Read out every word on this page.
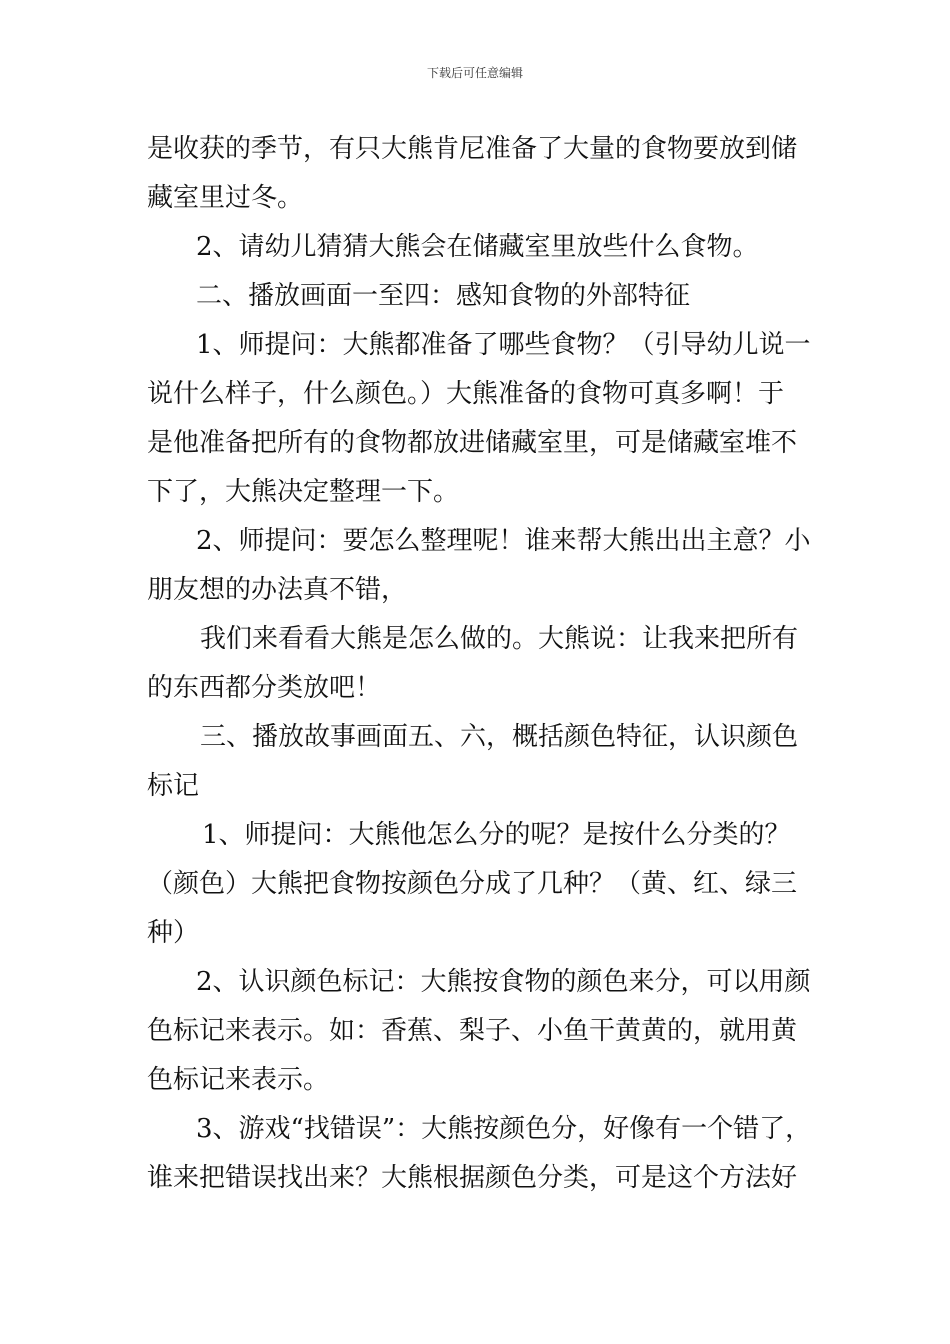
下载后可任意编辑

是收获的季节，有只大熊肯尼准备了大量的食物要放到储

藏室里过冬。

2、请幼儿猜猜大熊会在储藏室里放些什么食物。

二、播放画面一至四：感知食物的外部特征

1、师提问：大熊都准备了哪些食物？（引导幼儿说一

说什么样子，什么颜色。）大熊准备的食物可真多啊！于

是他准备把所有的食物都放进储藏室里，可是储藏室堆不

下了，大熊决定整理一下。

2、师提问：要怎么整理呢！谁来帮大熊出出主意？小

朋友想的办法真不错，

我们来看看大熊是怎么做的。大熊说：让我来把所有

的东西都分类放吧！

三、播放故事画面五、六，概括颜色特征，认识颜色

标记

1、师提问：大熊他怎么分的呢？是按什么分类的？

（颜色）大熊把食物按颜色分成了几种？（黄、红、绿三

种）

2、认识颜色标记：大熊按食物的颜色来分，可以用颜

色标记来表示。如：香蕉、梨子、小鱼干黄黄的，就用黄

色标记来表示。

3、游戏“找错误”：大熊按颜色分，好像有一个错了，

谁来把错误找出来？大熊根据颜色分类，可是这个方法好
